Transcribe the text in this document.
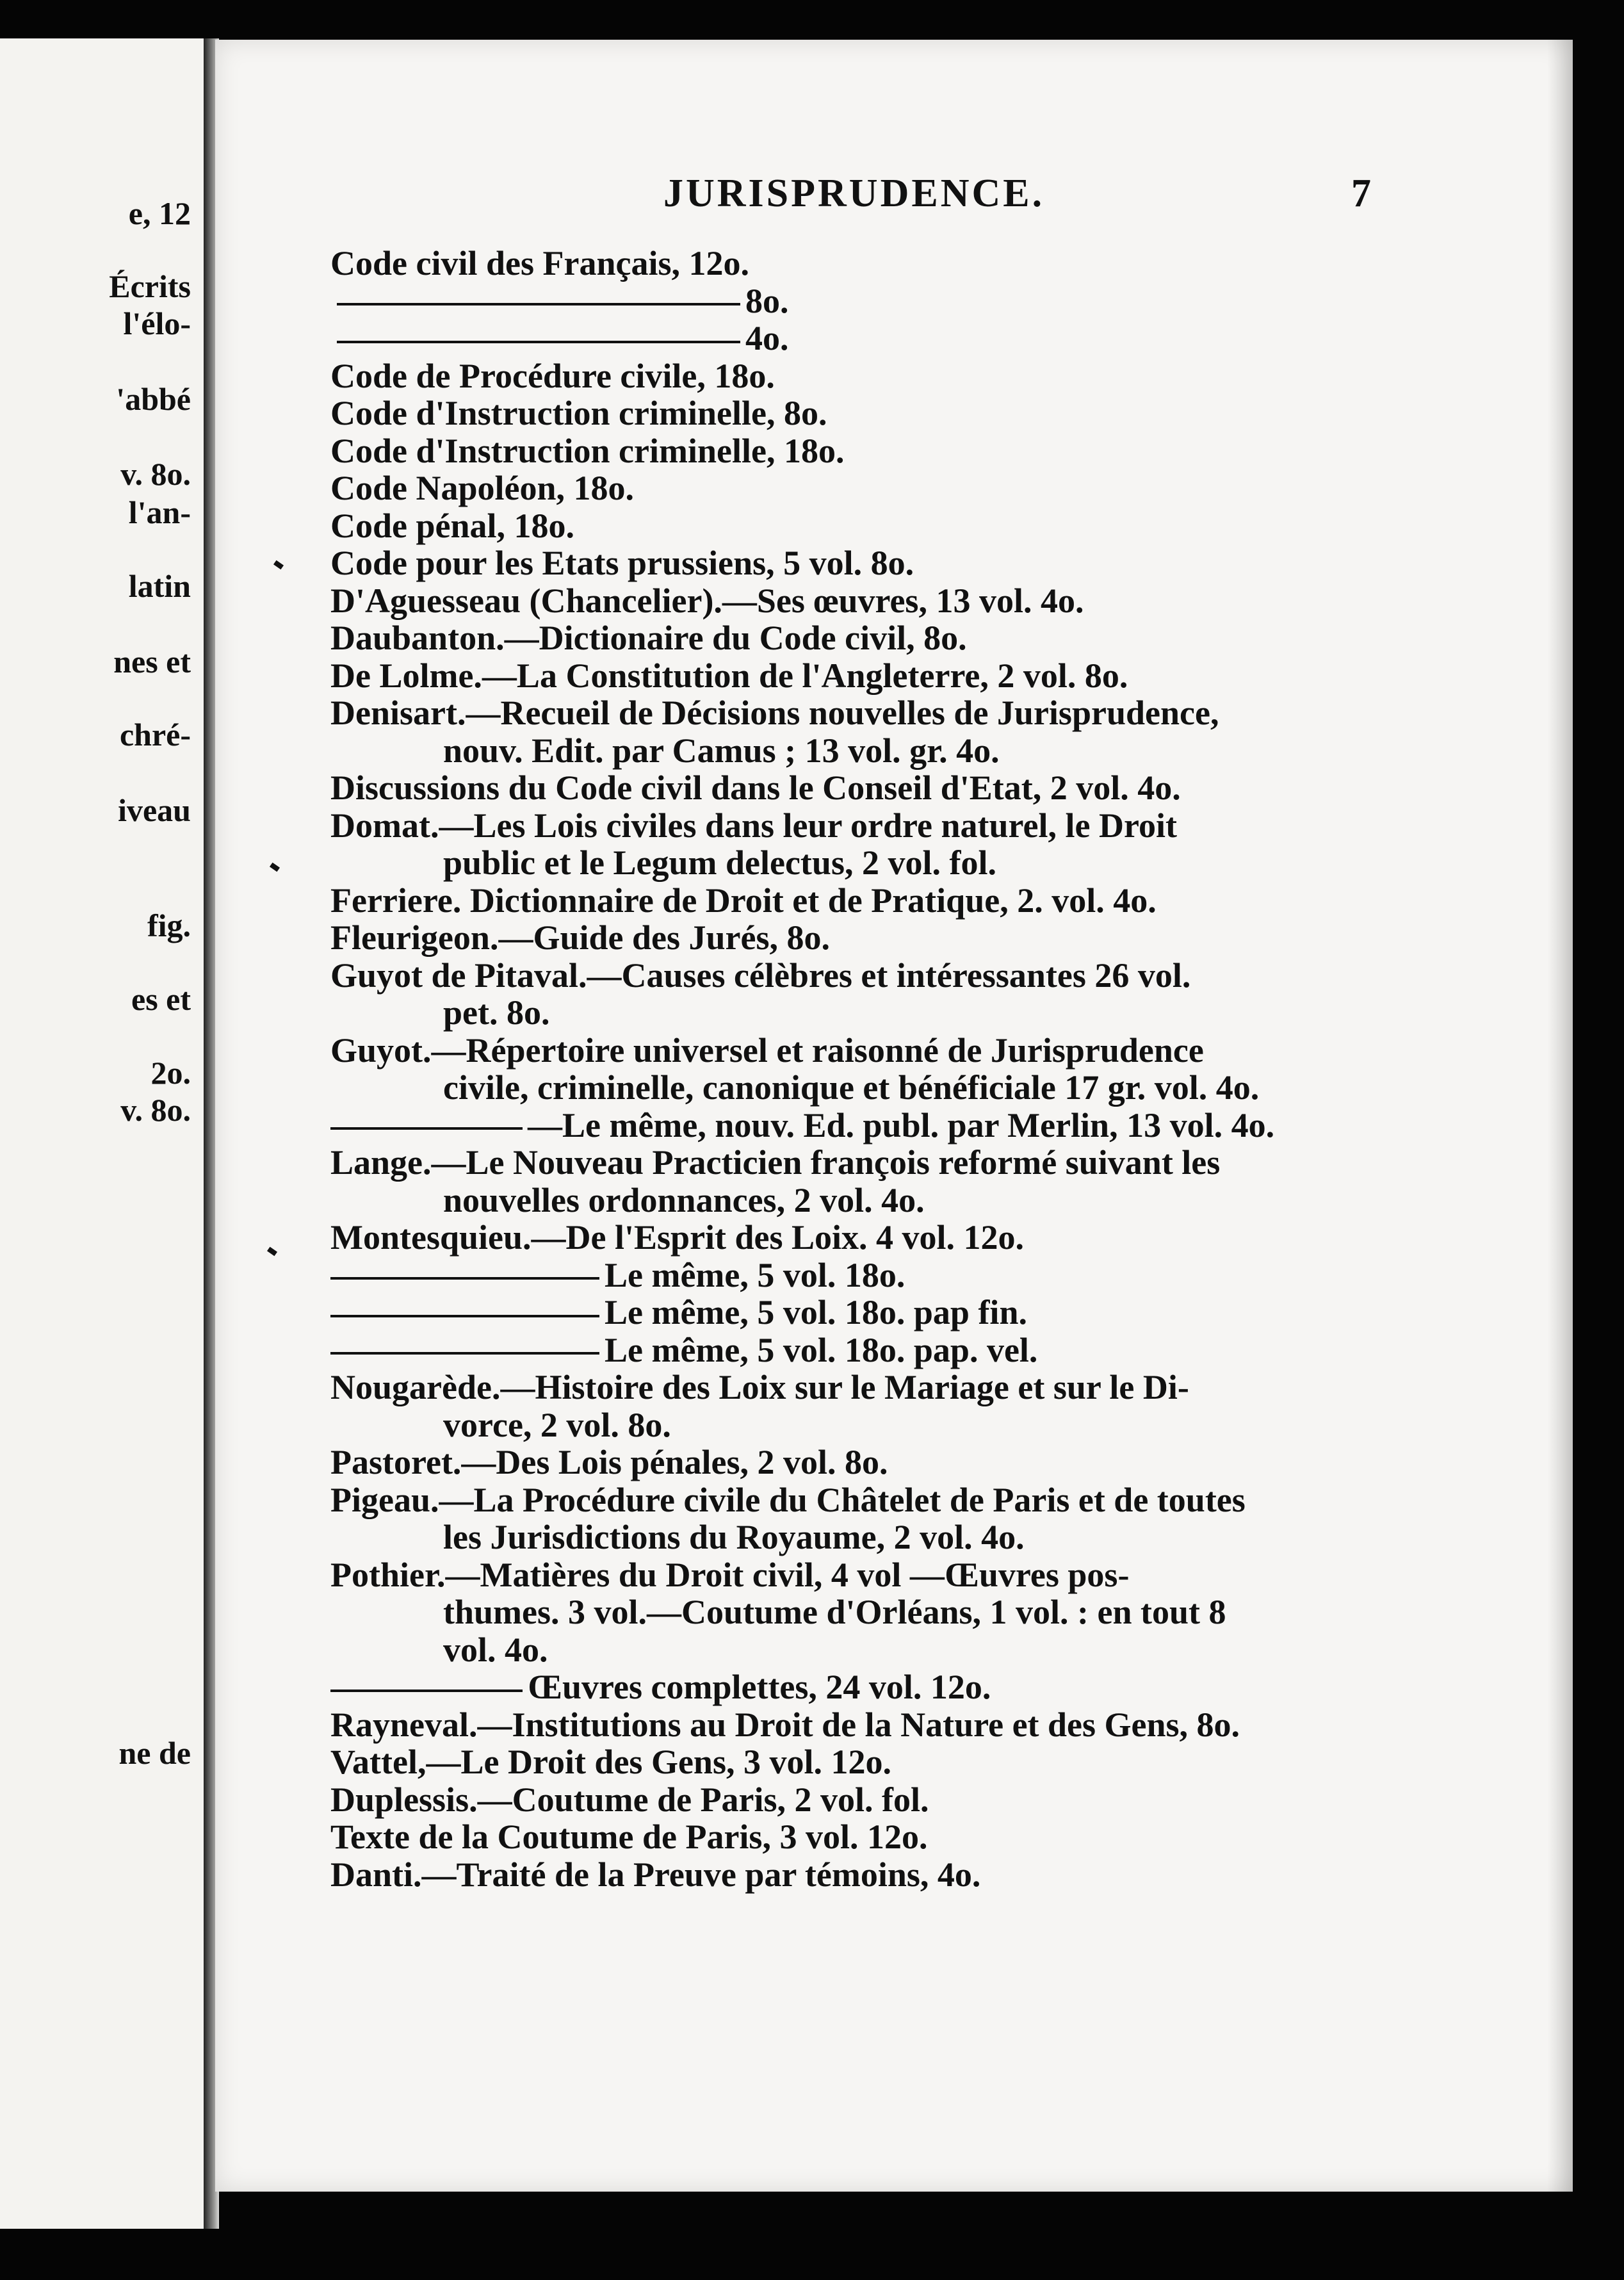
e, 12
Écrits
l'élo-
'abbé
v. 8o.
l'an-
latin
nes et
chré-
iveau
fig.
es et
2o.
v. 8o.
ne de
JURISPRUDENCE.	7
Code civil des Français, 12o.
8o.
4o.
Code de Procédure civile, 18o.
Code d'Instruction criminelle, 8o.
Code d'Instruction criminelle, 18o.
Code Napoléon, 18o.
Code pénal, 18o.
Code pour les Etats prussiens, 5 vol. 8o.
D'Aguesseau (Chancelier).—Ses œuvres, 13 vol. 4o.
Daubanton.—Dictionaire du Code civil, 8o.
De Lolme.—La Constitution de l'Angleterre, 2 vol. 8o.
Denisart.—Recueil de Décisions nouvelles de Jurisprudence,
nouv. Edit. par Camus ; 13 vol. gr. 4o.
Discussions du Code civil dans le Conseil d'Etat, 2 vol. 4o.
Domat.—Les Lois civiles dans leur ordre naturel, le Droit
public et le Legum delectus, 2 vol. fol.
Ferriere. Dictionnaire de Droit et de Pratique, 2. vol. 4o.
Fleurigeon.—Guide des Jurés, 8o.
Guyot de Pitaval.—Causes célèbres et intéressantes 26 vol.
pet. 8o.
Guyot.—Répertoire universel et raisonné de Jurisprudence
civile, criminelle, canonique et bénéficiale 17 gr. vol. 4o.
—Le même, nouv. Ed. publ. par Merlin, 13 vol. 4o.
Lange.—Le Nouveau Practicien françois reformé suivant les
nouvelles ordonnances, 2 vol. 4o.
Montesquieu.—De l'Esprit des Loix. 4 vol. 12o.
Le même, 5 vol. 18o.
Le même, 5 vol. 18o. pap fin.
Le même, 5 vol. 18o. pap. vel.
Nougarède.—Histoire des Loix sur le Mariage et sur le Di-
vorce, 2 vol. 8o.
Pastoret.—Des Lois pénales, 2 vol. 8o.
Pigeau.—La Procédure civile du Châtelet de Paris et de toutes
les Jurisdictions du Royaume, 2 vol. 4o.
Pothier.—Matières du Droit civil, 4 vol —Œuvres pos-
thumes. 3 vol.—Coutume d'Orléans, 1 vol. : en tout 8
vol. 4o.
Œuvres complettes, 24 vol. 12o.
Rayneval.—Institutions au Droit de la Nature et des Gens, 8o.
Vattel,—Le Droit des Gens, 3 vol. 12o.
Duplessis.—Coutume de Paris, 2 vol. fol.
Texte de la Coutume de Paris, 3 vol. 12o.
Danti.—Traité de la Preuve par témoins, 4o.
